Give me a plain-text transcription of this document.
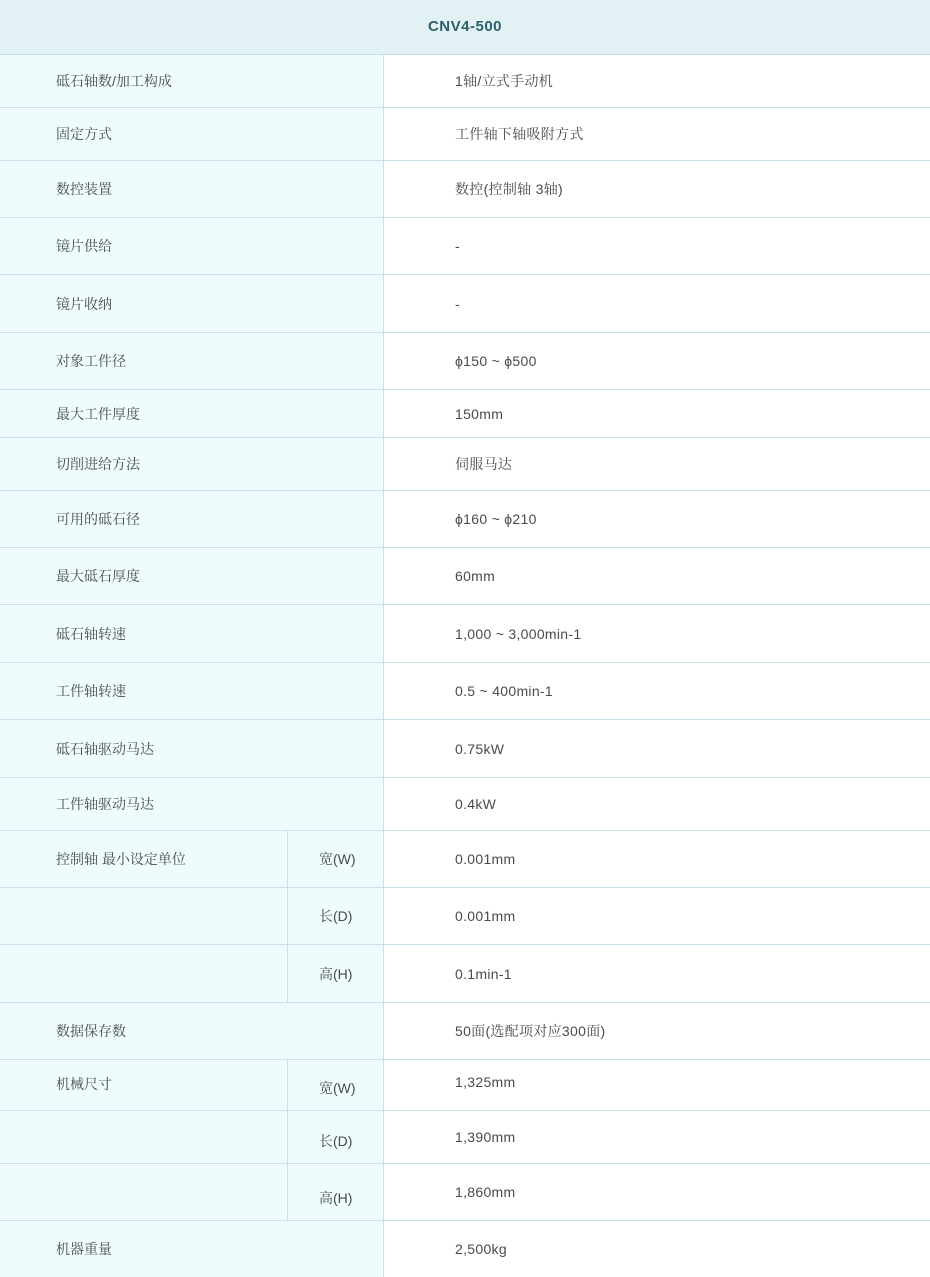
CNV4-500
砥石轴数/加工构成	1轴/立式手动机
固定方式	工件轴下轴吸附方式
数控装置	数控(控制轴 3轴)
镜片供给	-
镜片收纳	-
对象工件径	ϕ150 ~ ϕ500
最大工件厚度	150mm
切削进给方法	伺服马达
可用的砥石径	ϕ160 ~ ϕ210
最大砥石厚度	60mm
砥石轴转速	1,000 ~ 3,000min-1
工件轴转速	0.5 ~ 400min-1
砥石轴驱动马达	0.75kW
工件轴驱动马达	0.4kW
控制轴 最小设定单位	宽(W)	0.001mm
长(D)	0.001mm
高(H)	0.1min-1
数据保存数	50面(选配项对应300面)
机械尺寸	宽(W)	1,325mm
长(D)	1,390mm
高(H)	1,860mm
机器重量	2,500kg
